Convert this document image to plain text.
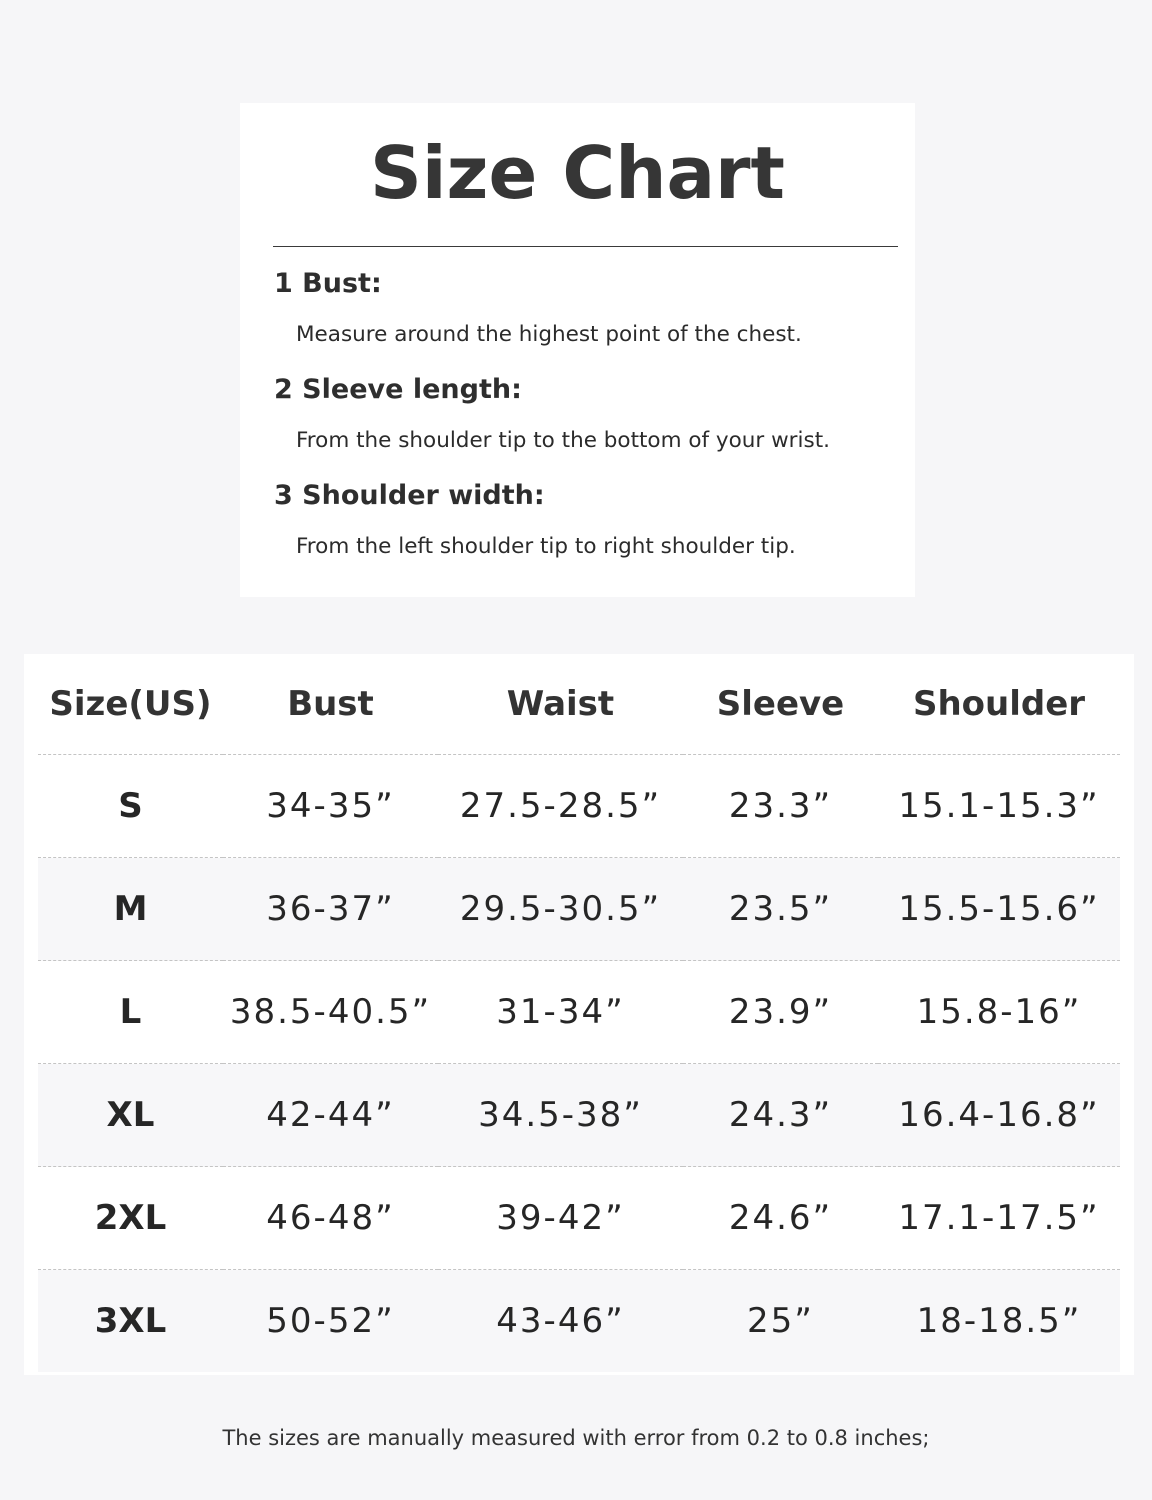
Size Chart
1 Bust:
Measure around the highest point of the chest.
2 Sleeve length:
From the shoulder tip to the bottom of your wrist.
3 Shoulder width:
From the left shoulder tip to right shoulder tip.
Size(US)	Bust	Waist	Sleeve	Shoulder
S	34-35”	27.5-28.5”	23.3”	15.1-15.3”
M	36-37”	29.5-30.5”	23.5”	15.5-15.6”
L	38.5-40.5”	31-34”	23.9”	15.8-16”
XL	42-44”	34.5-38”	24.3”	16.4-16.8”
2XL	46-48”	39-42”	24.6”	17.1-17.5”
3XL	50-52”	43-46”	25”	18-18.5”

The sizes are manually measured with error from 0.2 to 0.8 inches;
